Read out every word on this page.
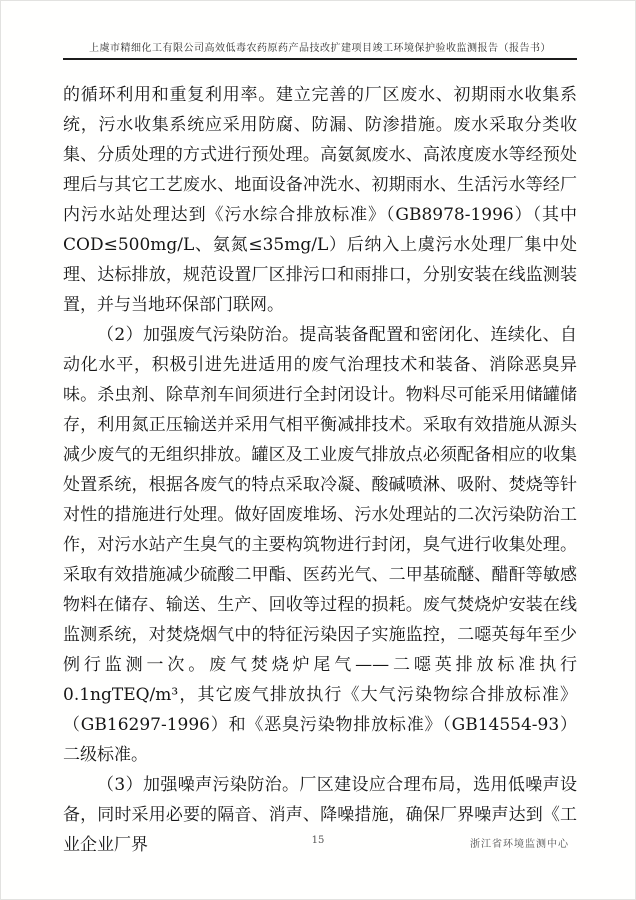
上虞市精细化工有限公司高效低毒农药原药产品技改扩建项目竣工环境保护验收监测报告（报告书）

的循环利用和重复利用率。建立完善的厂区废水、初期雨水收集系统，污水收集系统应采用防腐、防漏、防渗措施。废水采取分类收集、分质处理的方式进行预处理。高氨氮废水、高浓度废水等经预处理后与其它工艺废水、地面设备冲洗水、初期雨水、生活污水等经厂内污水站处理达到《污水综合排放标准》（GB8978-1996）（其中 COD≤500mg/L、氨氮≤35mg/L）后纳入上虞污水处理厂集中处理、达标排放，规范设置厂区排污口和雨排口，分别安装在线监测装置，并与当地环保部门联网。

（2）加强废气污染防治。提高装备配置和密闭化、连续化、自动化水平，积极引进先进适用的废气治理技术和装备、消除恶臭异味。杀虫剂、除草剂车间须进行全封闭设计。物料尽可能采用储罐储存，利用氮正压输送并采用气相平衡减排技术。采取有效措施从源头减少废气的无组织排放。罐区及工业废气排放点必须配备相应的收集处置系统，根据各废气的特点采取冷凝、酸碱喷淋、吸附、焚烧等针对性的措施进行处理。做好固废堆场、污水处理站的二次污染防治工作，对污水站产生臭气的主要构筑物进行封闭，臭气进行收集处理。采取有效措施减少硫酸二甲酯、医药光气、二甲基硫醚、醋酐等敏感物料在储存、输送、生产、回收等过程的损耗。废气焚烧炉安装在线监测系统，对焚烧烟气中的特征污染因子实施监控，二噁英每年至少例行监测一次。废气焚烧炉尾气——二噁英排放标准执行0.1ngTEQ/m³，其它废气排放执行《大气污染物综合排放标准》（GB16297-1996）和《恶臭污染物排放标准》（GB14554-93）二级标准。

（3）加强噪声污染防治。厂区建设应合理布局，选用低噪声设备，同时采用必要的隔音、消声、降噪措施，确保厂界噪声达到《工业企业厂界	15	浙江省环境监测中心
